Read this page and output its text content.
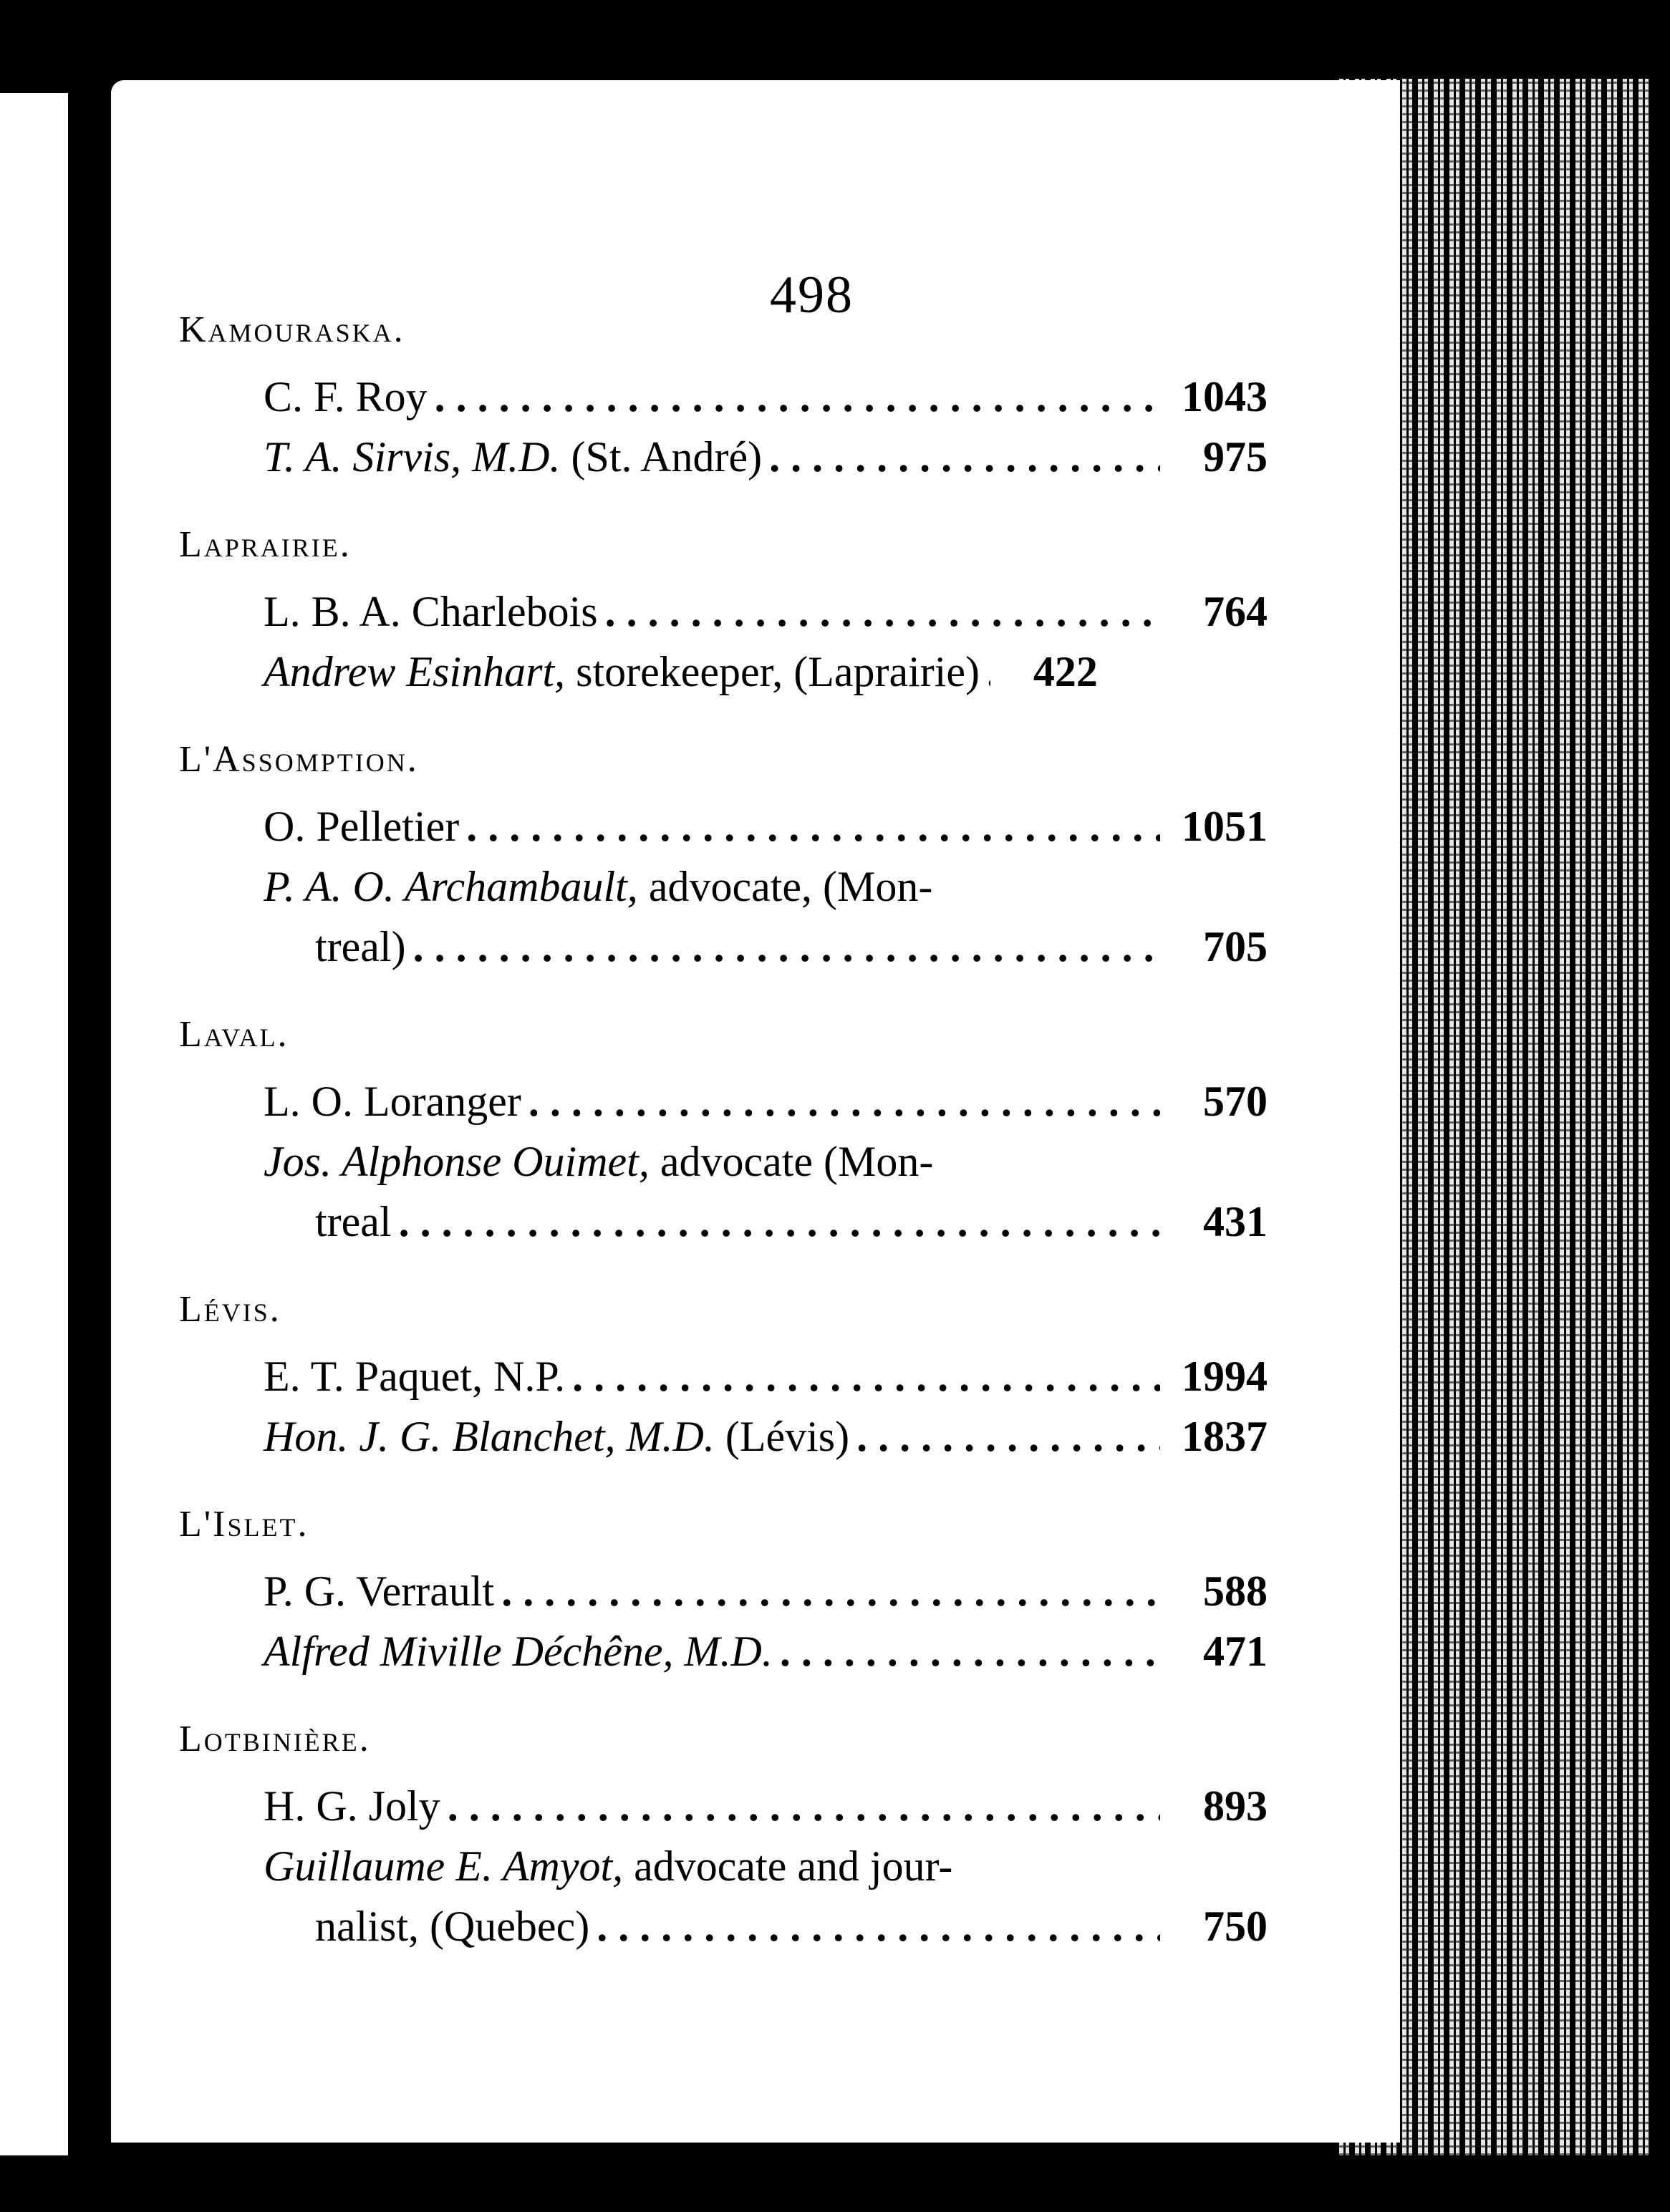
498
Kamouraska.
C. F. Roy . . .	1043
T. A. Sirvis, M.D. (St. André) . . .	975
Laprairie.
L. B. A. Charlebois . . .	764
Andrew Esinhart, storekeeper, (Laprairie) . . .	422
L'Assomption.
O. Pelletier . . .	1051
P. A. O. Archambault, advocate, (Mon-
treal) . . .	705
Laval.
L. O. Loranger . . .	570
Jos. Alphonse Ouimet, advocate (Mon-
treal . . .	431
Lévis.
E. T. Paquet, N.P. . . .	1994
Hon. J. G. Blanchet, M.D. (Lévis) . . .	1837
L'Islet.
P. G. Verrault . . .	588
Alfred Miville Déchêne, M.D. . . .	471
Lotbinière.
H. G. Joly . . .	893
Guillaume E. Amyot, advocate and jour-
nalist, (Quebec) . . .	750
